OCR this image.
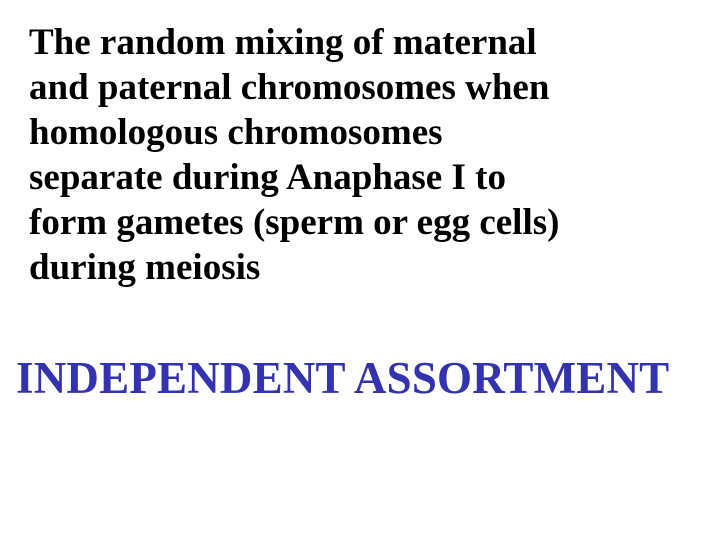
The random mixing of maternal
and paternal chromosomes when
homologous chromosomes
separate during Anaphase I to
form gametes (sperm or egg cells)
during meiosis

INDEPENDENT ASSORTMENT
